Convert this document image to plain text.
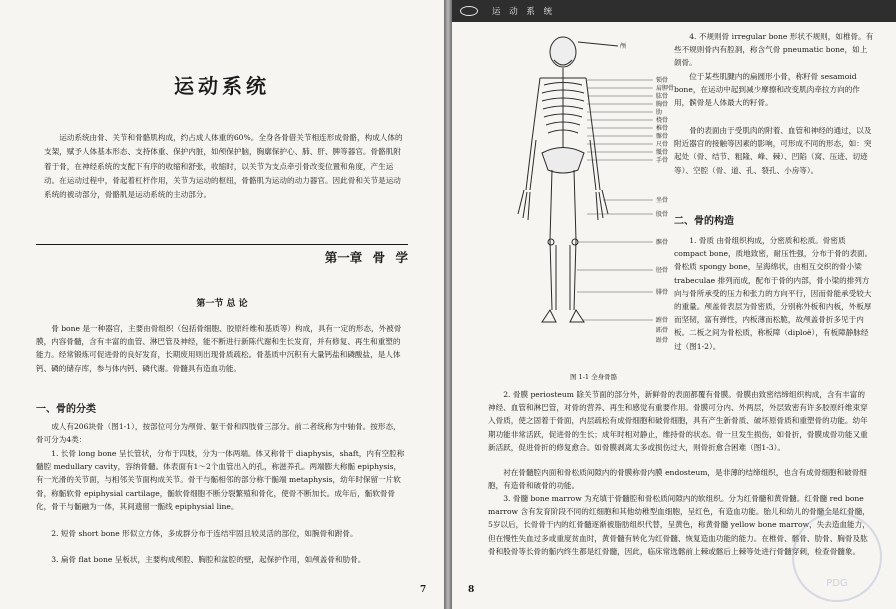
运动系统
运动系统由骨、关节和骨骼肌构成，约占成人体重的60%。全身各骨借关节相连形成骨骼，构成人体的支架，赋予人体基本形态、支持体重、保护内脏，如颅保护脑，胸廓保护心、肺、肝、脾等器官。骨骼肌附着于骨，在神经系统的支配下有序的收缩和舒张，收缩时，以关节为支点牵引骨改变位置和角度，产生运动。在运动过程中，骨起着杠杆作用，关节为运动的枢纽，骨骼肌为运动的动力器官。因此骨和关节是运动系统的被动部分，骨骼肌是运动系统的主动部分。
第一章 骨 学
第一节 总 论
骨 bone 是一种器官，主要由骨组织（包括骨细胞、胶原纤维和基质等）构成，具有一定的形态，外被骨膜，内容骨髓，含有丰富的血管、淋巴管及神经，能不断进行新陈代谢和生长发育，并有修复、再生和重塑的能力。经常锻炼可促进骨的良好发育，长期废用则出现骨质疏松。骨基质中沉积有大量钙盐和磷酸盐，是人体钙、磷的储存库，参与体内钙、磷代谢。骨髓具有造血功能。
一、骨的分类
成人有206块骨（图1-1），按部位可分为颅骨、躯干骨和四肢骨三部分。前二者统称为中轴骨。按形态，骨可分为4类：
1. 长骨 long bone 呈长管状，分布于四肢，分为一体两端。体又称骨干 diaphysis，shaft，内有空腔称髓腔 medullary cavity，容纳骨髓。体表面有1～2个血管出入的孔，称滋养孔。两端膨大称骺 epiphysis，有一光滑的关节面，与相邻关节面构成关节。骨干与骺相邻的部分称干骺端 metaphysis，幼年时保留一片软骨，称骺软骨 epiphysial cartilage，骺软骨细胞不断分裂繁殖和骨化，使骨不断加长。成年后，骺软骨骨化，骨干与骺融为一体，其间遗留一骺线 epiphysial line。
2. 短骨 short bone 形似立方体，多成群分布于连结牢固且较灵活的部位，如腕骨和跗骨。
3. 扁骨 flat bone 呈板状，主要构成颅腔、胸腔和盆腔的壁，起保护作用，如颅盖骨和肋骨。
7
运 动 系 统
颅
锁骨
肩胛骨
肱骨
胸骨
肋
桡骨
椎骨
髂骨
尺骨
骶骨
手骨
坐骨
股骨
髌骨
胫骨
腓骨
跗骨
跖骨
趾骨
图 1-1 全身骨骼
4. 不规则骨 irregular bone 形状不规则，如椎骨。有些不规则骨内有腔洞，称含气骨 pneumatic bone，如上颌骨。
位于某些肌腱内的扁圆形小骨，称籽骨 sesamoid bone，在运动中起到减少摩擦和改变肌肉牵拉方向的作用，髌骨是人体最大的籽骨。
骨的表面由于受肌肉的附着、血管和神经的通过，以及附近器官的接触等因素的影响，可形成不同的形态，如：突起处（骨、结节、粗隆、峰、棘）、凹陷（窝、压迹、切迹等）、空腔（骨、道、孔、裂孔、小房等）。
二、骨的构造
1. 骨质 由骨组织构成，分密质和松质。骨密质 compact bone，质地致密，耐压性强，分布于骨的表面。骨松质 spongy bone，呈海绵状，由相互交织的骨小梁 trabeculae 排列而成，配布于骨的内部，骨小梁的排列方向与骨所承受的压力和张力的方向平行，因而骨能承受较大的重量。颅盖骨表层为骨密质，分别称外板和内板，外板厚而坚韧，富有弹性，内板薄而松脆，故颅盖骨折多见于内板。二板之间为骨松质，称板障（diploë），有板障静脉经过（图1-2）。
2. 骨膜 periosteum 除关节面的部分外，新鲜骨的表面都覆有骨膜。骨膜由致密结缔组织构成，含有丰富的神经、血管和淋巴管，对骨的营养、再生和感觉有重要作用。骨膜可分内、外两层，外层致密有许多胶原纤维束穿入骨质，使之固着于骨面，内层疏松有成骨细胞和破骨细胞，具有产生新骨质、破坏原骨质和重塑骨的功能。幼年期功能非常活跃，促进骨的生长；成年时相对静止，维持骨的状态。骨一旦发生损伤，如骨折，骨膜成骨功能又重新活跃，促进骨折的修复愈合。如骨膜剥离太多或损伤过大，则骨折愈合困难（图1-3）。
衬在骨髓腔内面和骨松质间隙内的骨膜称骨内膜 endosteum，是非薄的结缔组织，也含有成骨细胞和破骨细胞，有造骨和破骨的功能。
3. 骨髓 bone marrow 为充填于骨髓腔和骨松质间隙内的软组织。分为红骨髓和黄骨髓。红骨髓 red bone marrow 含有发育阶段不同的红细胞和其他幼稚型血细胞，呈红色，有造血功能。胎儿和幼儿的骨髓全是红骨髓，5岁以后，长骨骨干内的红骨髓逐渐被脂肪组织代替，呈黄色，称黄骨髓 yellow bone marrow，失去造血能力，但在慢性失血过多或重度贫血时，黄骨髓有转化为红骨髓、恢复造血功能的能力。在椎骨、髂骨、肋骨、胸骨及肱骨和股骨等长骨的骺内终生都是红骨髓，因此，临床常选髂前上棘或髂后上棘等处进行骨髓穿刺，检查骨髓象。
PDG
8
